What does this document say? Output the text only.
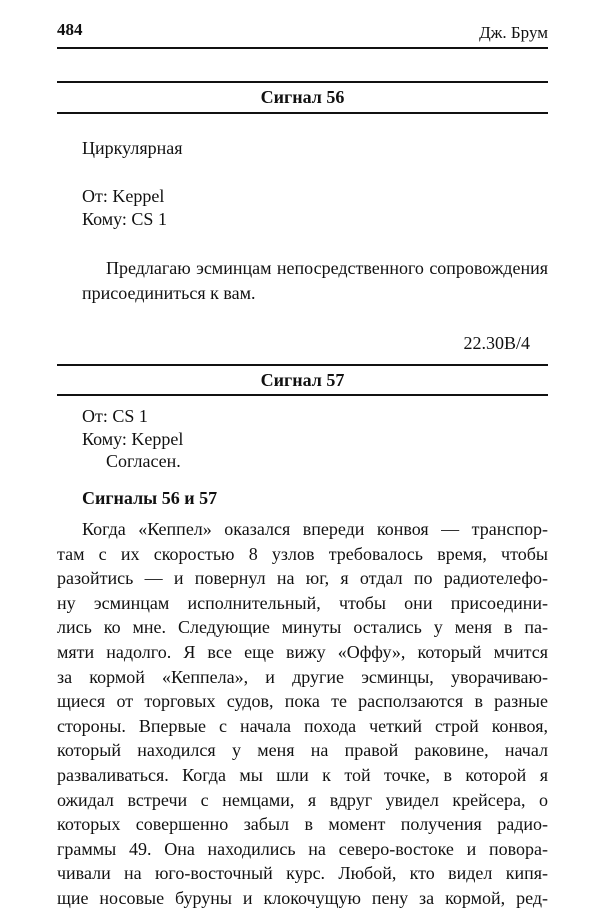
484	Дж. Брум
Сигнал 56
Циркулярная
От: Keppel
Кому: CS 1
Предлагаю эсминцам непосредственного сопровождения
присоединиться к вам.
22.30B/4
Сигнал 57
От: CS 1
Кому: Keppel
Согласен.
Сигналы 56 и 57
Когда «Кеппел» оказался впереди конвоя — транспор-
там с их скоростью 8 узлов требовалось время, чтобы
разойтись — и повернул на юг, я отдал по радиотелефо-
ну эсминцам исполнительный, чтобы они присоедини-
лись ко мне. Следующие минуты остались у меня в па-
мяти надолго. Я все еще вижу «Оффу», который мчится
за кормой «Кеппела», и другие эсминцы, уворачиваю-
щиеся от торговых судов, пока те расползаются в разные
стороны. Впервые с начала похода четкий строй конвоя,
который находился у меня на правой раковине, начал
разваливаться. Когда мы шли к той точке, в которой я
ожидал встречи с немцами, я вдруг увидел крейсера, о
которых совершенно забыл в момент получения радио-
граммы 49. Она находились на северо-востоке и повора-
чивали на юго-восточный курс. Любой, кто видел кипя-
щие носовые буруны и клокочущую пену за кормой, ред-
